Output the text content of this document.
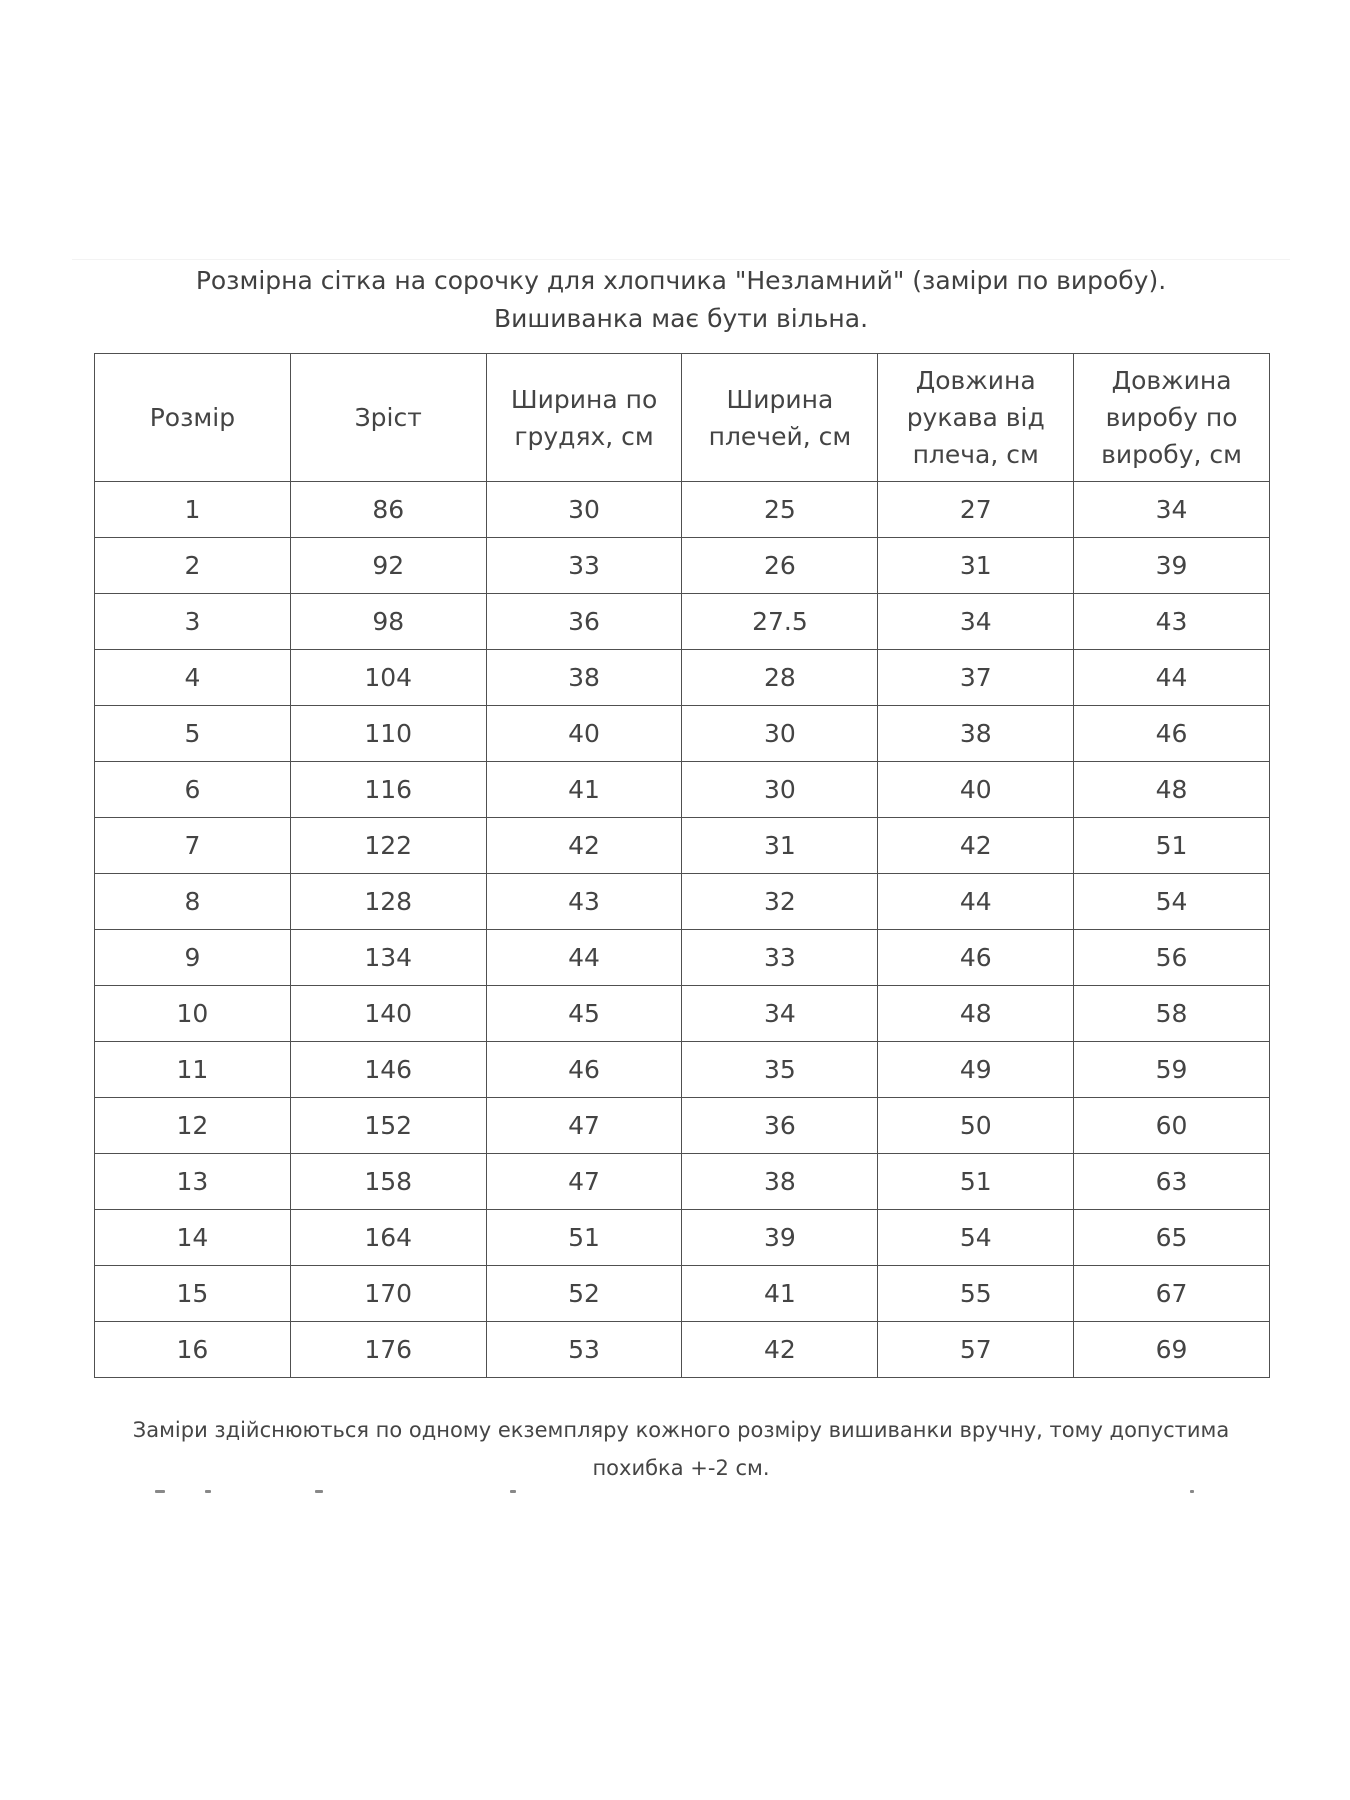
Розмірна сітка на сорочку для хлопчика "Незламний" (заміри по виробу).
Вишиванка має бути вільна.
Розмір	Зріст	Ширина по грудях, см	Ширина плечей, см	Довжина рукава від плеча, см	Довжина виробу по виробу, см
1	86	30	25	27	34
2	92	33	26	31	39
3	98	36	27.5	34	43
4	104	38	28	37	44
5	110	40	30	38	46
6	116	41	30	40	48
7	122	42	31	42	51
8	128	43	32	44	54
9	134	44	33	46	56
10	140	45	34	48	58
11	146	46	35	49	59
12	152	47	36	50	60
13	158	47	38	51	63
14	164	51	39	54	65
15	170	52	41	55	67
16	176	53	42	57	69
Заміри здійснюються по одному екземпляру кожного розміру вишиванки вручну, тому допустима
похибка +-2 см.
